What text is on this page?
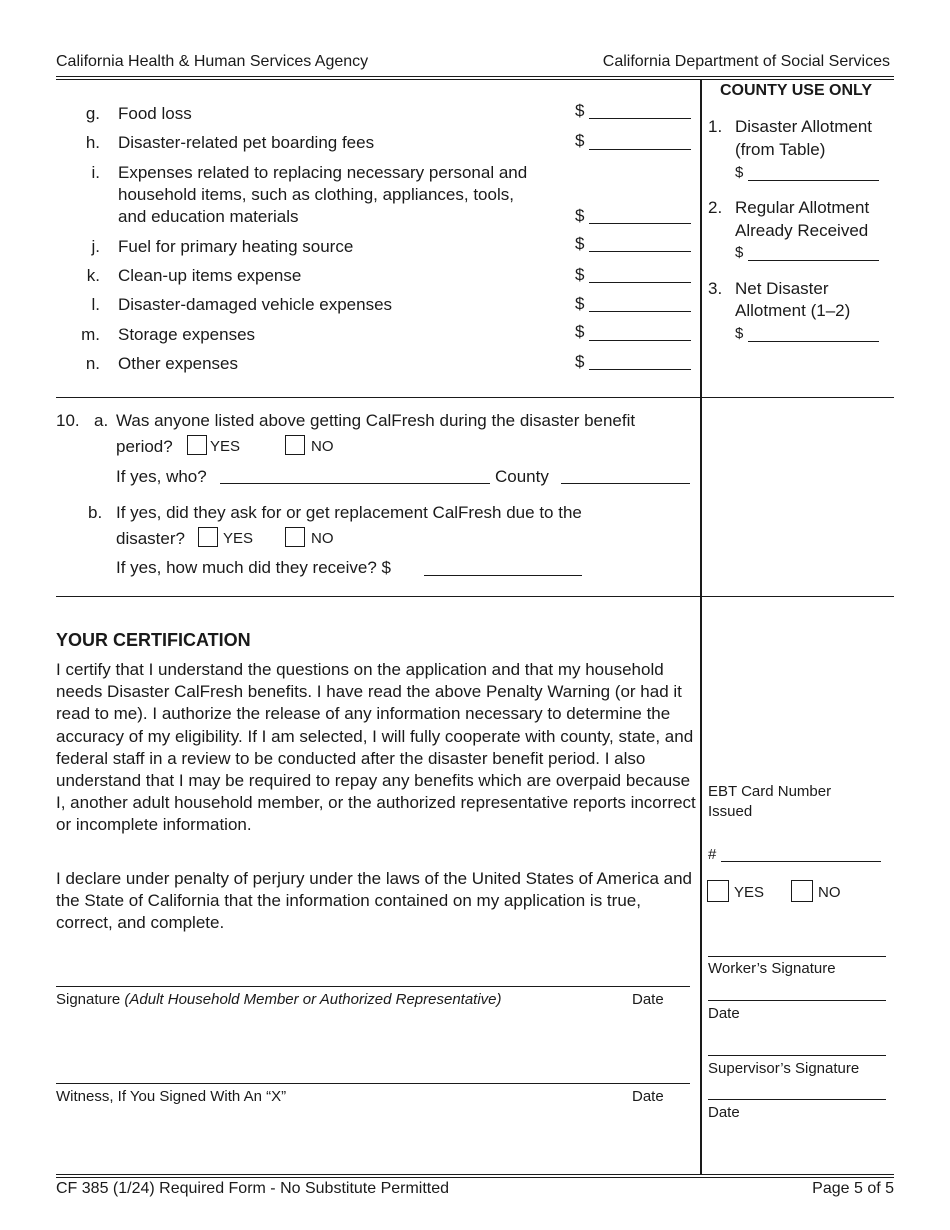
California Health & Human Services Agency	California Department of Social Services
g. Food loss	$
h. Disaster-related pet boarding fees	$
i. Expenses related to replacing necessary personal and
household items, such as clothing, appliances, tools,
and education materials	$
j. Fuel for primary heating source	$
k. Clean-up items expense	$
l. Disaster-damaged vehicle expenses	$
m. Storage expenses	$
n. Other expenses	$
COUNTY USE ONLY
1. Disaster Allotment
(from Table)
$
2. Regular Allotment
Already Received
$
3. Net Disaster
Allotment (1–2)
$
10. a. Was anyone listed above getting CalFresh during the disaster benefit
period? YES	NO
If yes, who?	County
b. If yes, did they ask for or get replacement CalFresh due to the
disaster?	YES	NO
If yes, how much did they receive? $
YOUR CERTIFICATION
I certify that I understand the questions on the application and that my household needs Disaster CalFresh benefits. I have read the above Penalty Warning (or had it read to me). I authorize the release of any information necessary to determine the accuracy of my eligibility. If I am selected, I will fully cooperate with county, state, and federal staff in a review to be conducted after the disaster benefit period. I also understand that I may be required to repay any benefits which are overpaid because I, another adult household member, or the authorized representative reports incorrect or incomplete information.
I declare under penalty of perjury under the laws of the United States of America and the State of California that the information contained on my application is true, correct, and complete.
Signature (Adult Household Member or Authorized Representative)	Date
Witness, If You Signed With An “X”	Date
EBT Card Number
Issued
#
YES	NO
Worker’s Signature
Date
Supervisor’s Signature
Date
CF 385 (1/24) Required Form - No Substitute Permitted	Page 5 of 5
